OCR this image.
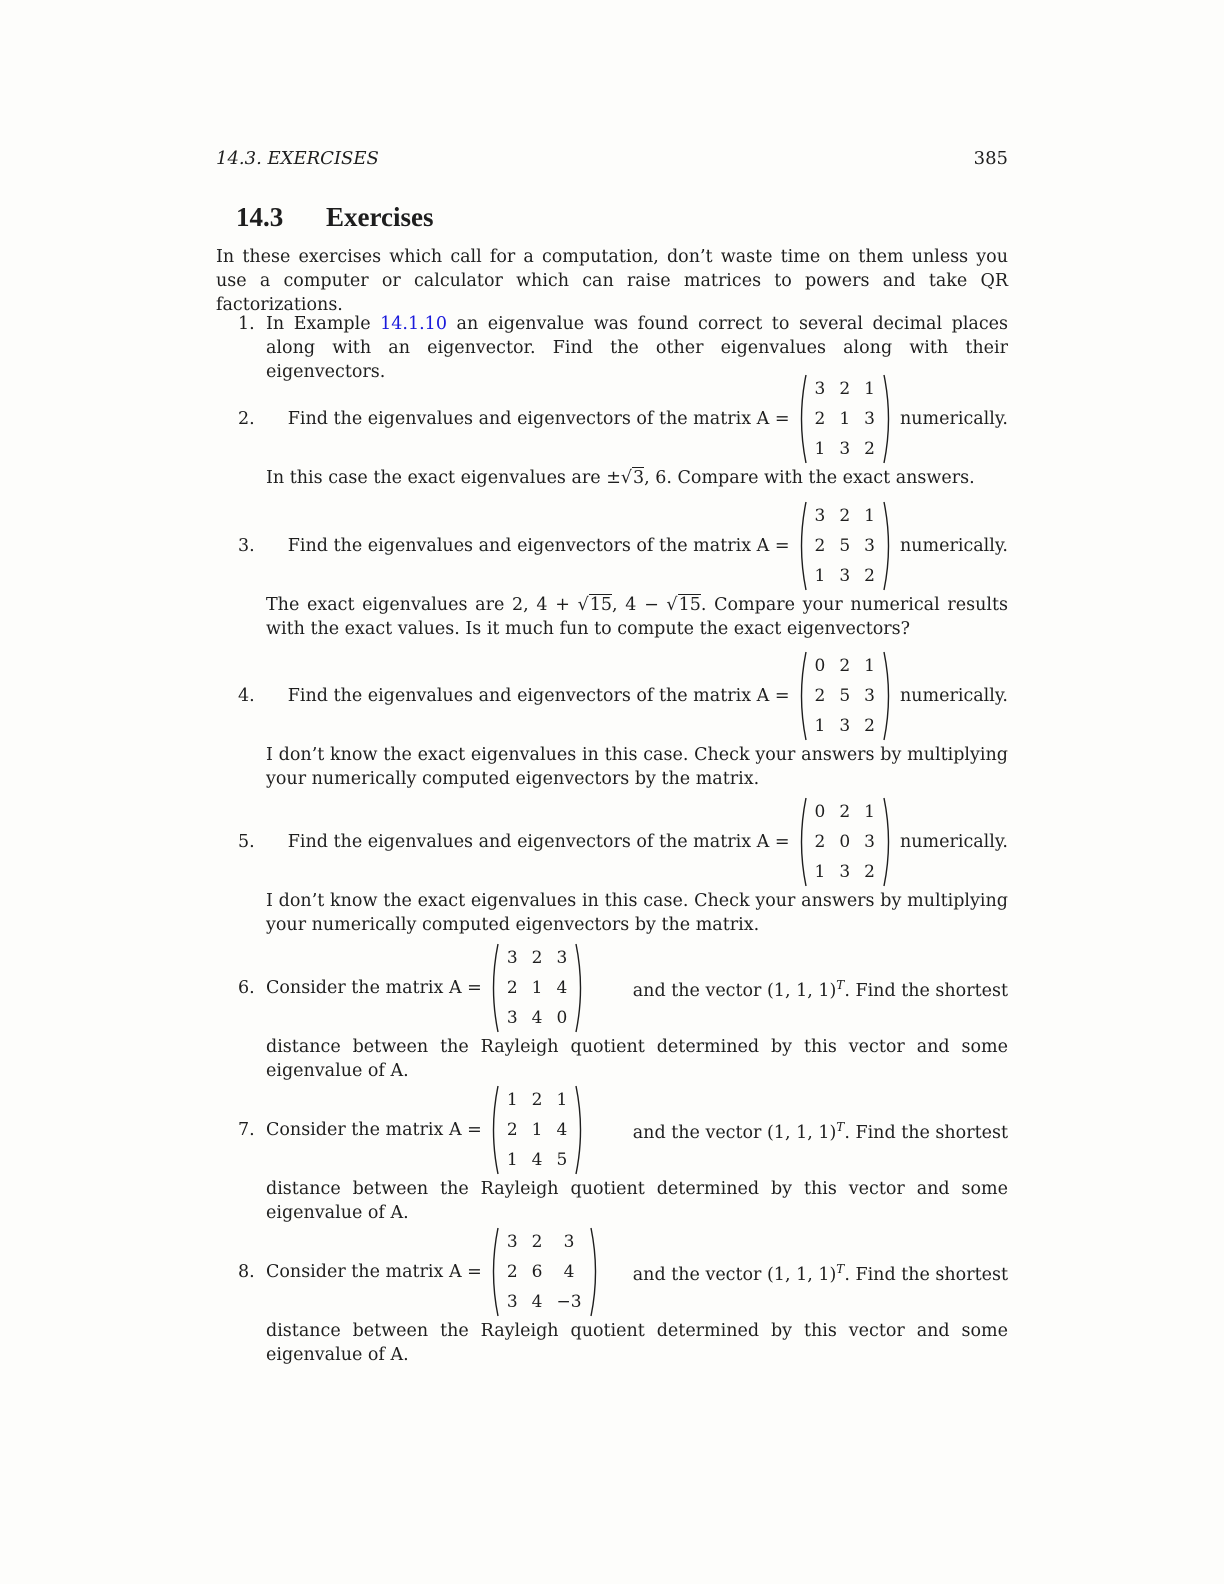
14.3. EXERCISES	385
14.3 Exercises
In these exercises which call for a computation, don’t waste time on them unless you use a computer or calculator which can raise matrices to powers and take QR factorizations.
1. In Example 14.1.10 an eigenvalue was found correct to several decimal places along with an eigenvector. Find the other eigenvalues along with their eigenvectors.
2.	Find the eigenvalues and eigenvectors of the matrix A =
3	2	1
2	1	3
1	3	2
numerically.
In this case the exact eigenvalues are ±√3, 6. Compare with the exact answers.
3.	Find the eigenvalues and eigenvectors of the matrix A =
3	2	1
2	5	3
1	3	2
numerically.
The exact eigenvalues are 2, 4 + √15, 4 − √15. Compare your numerical results with the exact values. Is it much fun to compute the exact eigenvectors?
4.	Find the eigenvalues and eigenvectors of the matrix A =
0	2	1
2	5	3
1	3	2
numerically.
I don’t know the exact eigenvalues in this case. Check your answers by multiplying your numerically computed eigenvectors by the matrix.
5.	Find the eigenvalues and eigenvectors of the matrix A =
0	2	1
2	0	3
1	3	2
numerically.
I don’t know the exact eigenvalues in this case. Check your answers by multiplying your numerically computed eigenvectors by the matrix.
6. Consider the matrix A =
3	2	3
2	1	4
3	4	0
and the vector (1, 1, 1)$^T$. Find the shortest
distance between the Rayleigh quotient determined by this vector and some eigenvalue of A.
7. Consider the matrix A =
1	2	1
2	1	4
1	4	5
and the vector (1, 1, 1)$^T$. Find the shortest
distance between the Rayleigh quotient determined by this vector and some eigenvalue of A.
8. Consider the matrix A =
3	2	3
2	6	4
3	4	−3
and the vector (1, 1, 1)$^T$. Find the shortest
distance between the Rayleigh quotient determined by this vector and some eigenvalue of A.
